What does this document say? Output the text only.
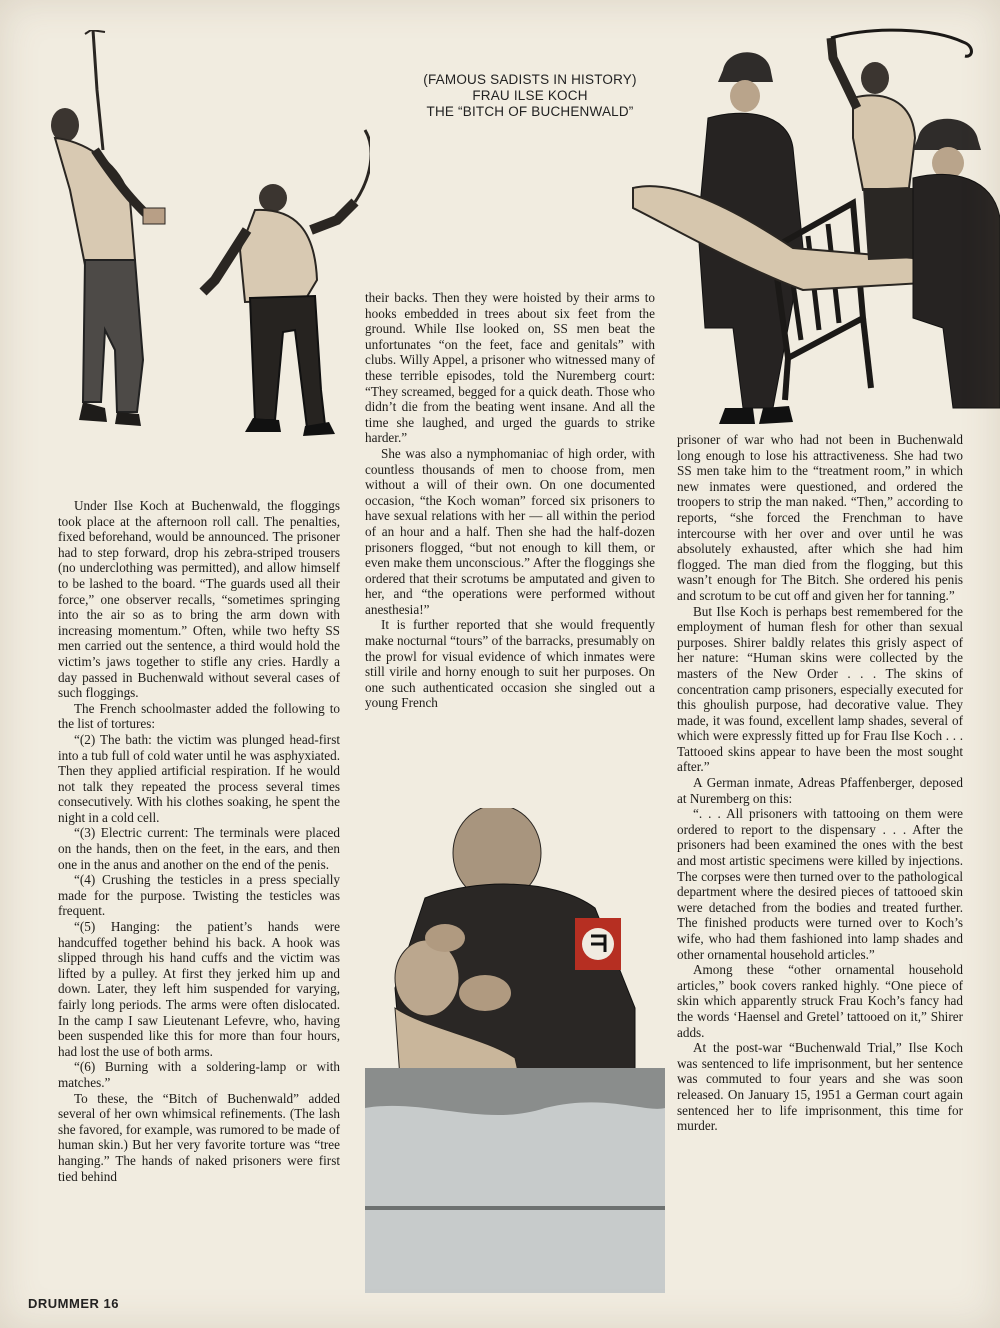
(FAMOUS SADISTS IN HISTORY)
FRAU ILSE KOCH
THE “BITCH OF BUCHENWALD”

Under Ilse Koch at Buchenwald, the floggings took place at the afternoon roll call. The penalties, fixed beforehand, would be announced. The prisoner had to step forward, drop his zebra-striped trousers (no underclothing was permitted), and allow himself to be lashed to the board. “The guards used all their force,” one observer recalls, “sometimes springing into the air so as to bring the arm down with increasing momentum.” Often, while two hefty SS men carried out the sentence, a third would hold the victim’s jaws together to stifle any cries. Hardly a day passed in Buchenwald without several cases of such floggings.

The French schoolmaster added the following to the list of tortures:

“(2) The bath: the victim was plunged head-first into a tub full of cold water until he was asphyxiated. Then they applied artificial respiration. If he would not talk they repeated the process several times consecutively. With his clothes soaking, he spent the night in a cold cell.

“(3) Electric current: The terminals were placed on the hands, then on the feet, in the ears, and then one in the anus and another on the end of the penis.

“(4) Crushing the testicles in a press specially made for the purpose. Twisting the testicles was frequent.

“(5) Hanging: the patient’s hands were handcuffed together behind his back. A hook was slipped through his hand cuffs and the victim was lifted by a pulley. At first they jerked him up and down. Later, they left him suspended for varying, fairly long periods. The arms were often dislocated. In the camp I saw Lieutenant Lefevre, who, having been suspended like this for more than four hours, had lost the use of both arms.

“(6) Burning with a soldering-lamp or with matches.”

To these, the “Bitch of Buchenwald” added several of her own whimsical refinements. (The lash she favored, for example, was rumored to be made of human skin.) But her very favorite torture was “tree hanging.” The hands of naked prisoners were first tied behind

their backs. Then they were hoisted by their arms to hooks embedded in trees about six feet from the ground. While Ilse looked on, SS men beat the unfortunates “on the feet, face and genitals” with clubs. Willy Appel, a prisoner who witnessed many of these terrible episodes, told the Nuremberg court: “They screamed, begged for a quick death. Those who didn’t die from the beating went insane. And all the time she laughed, and urged the guards to strike harder.”

She was also a nymphomaniac of high order, with countless thousands of men to choose from, men without a will of their own. On one documented occasion, “the Koch woman” forced six prisoners to have sexual relations with her — all within the period of an hour and a half. Then she had the half-dozen prisoners flogged, “but not enough to kill them, or even make them unconscious.” After the floggings she ordered that their scrotums be amputated and given to her, and “the operations were performed without anesthesia!”

It is further reported that she would frequently make nocturnal “tours” of the barracks, presumably on the prowl for visual evidence of which inmates were still virile and horny enough to suit her purposes. On one such authenticated occasion she singled out a young French

prisoner of war who had not been in Buchenwald long enough to lose his attractiveness. She had two SS men take him to the “treatment room,” in which new inmates were questioned, and ordered the troopers to strip the man naked. “Then,” according to reports, “she forced the Frenchman to have intercourse with her over and over until he was absolutely exhausted, after which she had him flogged. The man died from the flogging, but this wasn’t enough for The Bitch. She ordered his penis and scrotum to be cut off and given her for tanning.”

But Ilse Koch is perhaps best remembered for the employment of human flesh for other than sexual purposes. Shirer baldly relates this grisly aspect of her nature: “Human skins were collected by the masters of the New Order . . . The skins of concentration camp prisoners, especially executed for this ghoulish purpose, had decorative value. They made, it was found, excellent lamp shades, several of which were expressly fitted up for Frau Ilse Koch . . . Tattooed skins appear to have been the most sought after.”

A German inmate, Adreas Pfaffenberger, deposed at Nuremberg on this:

“. . . All prisoners with tattooing on them were ordered to report to the dispensary . . . After the prisoners had been examined the ones with the best and most artistic specimens were killed by injections. The corpses were then turned over to the pathological department where the desired pieces of tattooed skin were detached from the bodies and treated further. The finished products were turned over to Koch’s wife, who had them fashioned into lamp shades and other ornamental household articles.”

Among these “other ornamental household articles,” book covers ranked highly. “One piece of skin which apparently struck Frau Koch’s fancy had the words ‘Haensel and Gretel’ tattooed on it,” Shirer adds.

At the post-war “Buchenwald Trial,” Ilse Koch was sentenced to life imprisonment, but her sentence was commuted to four years and she was soon released. On January 15, 1951 a German court again sentenced her to life imprisonment, this time for murder.

DRUMMER 16
